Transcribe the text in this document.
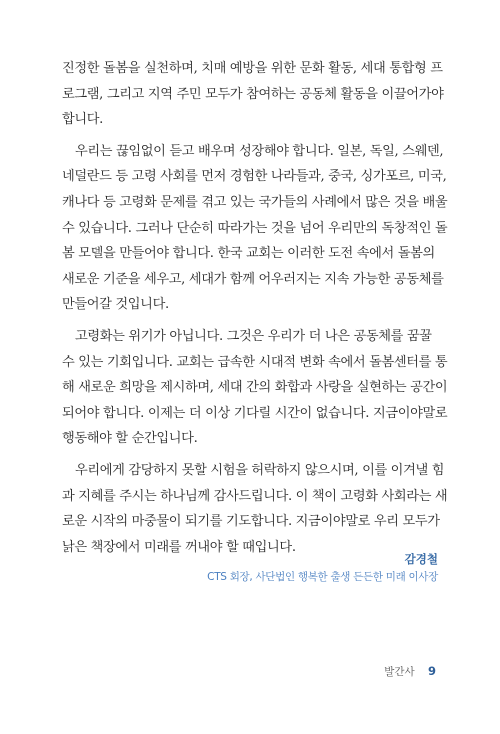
진정한 돌봄을 실천하며, 치매 예방을 위한 문화 활동, 세대 통합형 프
로그램, 그리고 지역 주민 모두가 참여하는 공동체 활동을 이끌어가야
합니다.
우리는 끊임없이 듣고 배우며 성장해야 합니다. 일본, 독일, 스웨덴,
네덜란드 등 고령 사회를 먼저 경험한 나라들과, 중국, 싱가포르, 미국,
캐나다 등 고령화 문제를 겪고 있는 국가들의 사례에서 많은 것을 배울
수 있습니다. 그러나 단순히 따라가는 것을 넘어 우리만의 독창적인 돌
봄 모델을 만들어야 합니다. 한국 교회는 이러한 도전 속에서 돌봄의
새로운 기준을 세우고, 세대가 함께 어우러지는 지속 가능한 공동체를
만들어갈 것입니다.
고령화는 위기가 아닙니다. 그것은 우리가 더 나은 공동체를 꿈꿀
수 있는 기회입니다. 교회는 급속한 시대적 변화 속에서 돌봄센터를 통
해 새로운 희망을 제시하며, 세대 간의 화합과 사랑을 실현하는 공간이
되어야 합니다. 이제는 더 이상 기다릴 시간이 없습니다. 지금이야말로
행동해야 할 순간입니다.
우리에게 감당하지 못할 시험을 허락하지 않으시며, 이를 이겨낼 힘
과 지혜를 주시는 하나님께 감사드립니다. 이 책이 고령화 사회라는 새
로운 시작의 마중물이 되기를 기도합니다. 지금이야말로 우리 모두가
낡은 책장에서 미래를 꺼내야 할 때입니다.
감경철
CTS 회장, 사단법인 행복한 출생 든든한 미래 이사장
발간사 9
